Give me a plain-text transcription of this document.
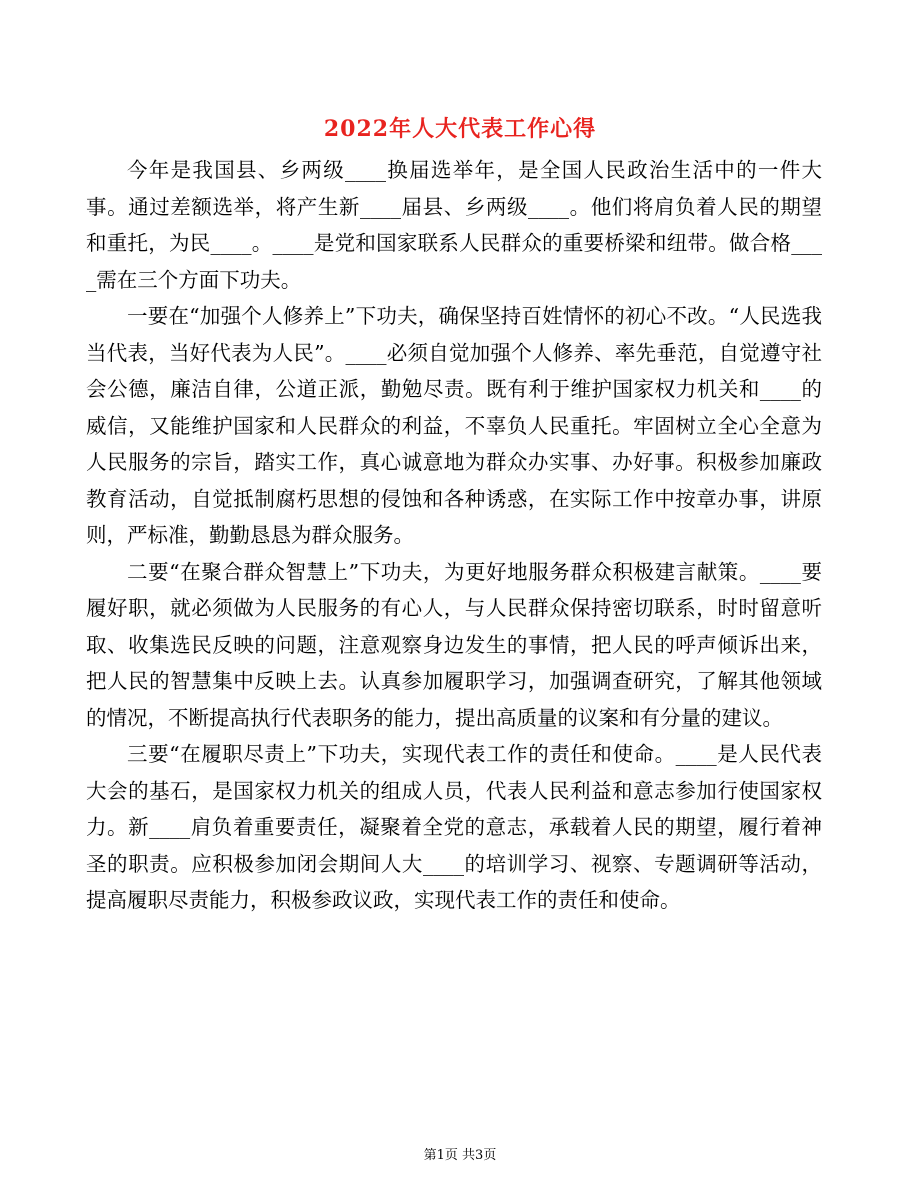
2022年人大代表工作心得

今年是我国县、乡两级____换届选举年，是全国人民政治生活中的一件大事。通过差额选举，将产生新____届县、乡两级____。他们将肩负着人民的期望和重托，为民____。____是党和国家联系人民群众的重要桥梁和纽带。做合格____需在三个方面下功夫。

一要在“加强个人修养上”下功夫，确保坚持百姓情怀的初心不改。“人民选我当代表，当好代表为人民”。____必须自觉加强个人修养、率先垂范，自觉遵守社会公德，廉洁自律，公道正派，勤勉尽责。既有利于维护国家权力机关和____的威信，又能维护国家和人民群众的利益，不辜负人民重托。牢固树立全心全意为人民服务的宗旨，踏实工作，真心诚意地为群众办实事、办好事。积极参加廉政教育活动，自觉抵制腐朽思想的侵蚀和各种诱惑，在实际工作中按章办事，讲原则，严标准，勤勤恳恳为群众服务。

二要“在聚合群众智慧上”下功夫，为更好地服务群众积极建言献策。____要履好职，就必须做为人民服务的有心人，与人民群众保持密切联系，时时留意听取、收集选民反映的问题，注意观察身边发生的事情，把人民的呼声倾诉出来，把人民的智慧集中反映上去。认真参加履职学习，加强调查研究，了解其他领域的情况，不断提高执行代表职务的能力，提出高质量的议案和有分量的建议。

三要“在履职尽责上”下功夫，实现代表工作的责任和使命。____是人民代表大会的基石，是国家权力机关的组成人员，代表人民利益和意志参加行使国家权力。新____肩负着重要责任，凝聚着全党的意志，承载着人民的期望，履行着神圣的职责。应积极参加闭会期间人大____的培训学习、视察、专题调研等活动，提高履职尽责能力，积极参政议政，实现代表工作的责任和使命。

第1页 共3页
